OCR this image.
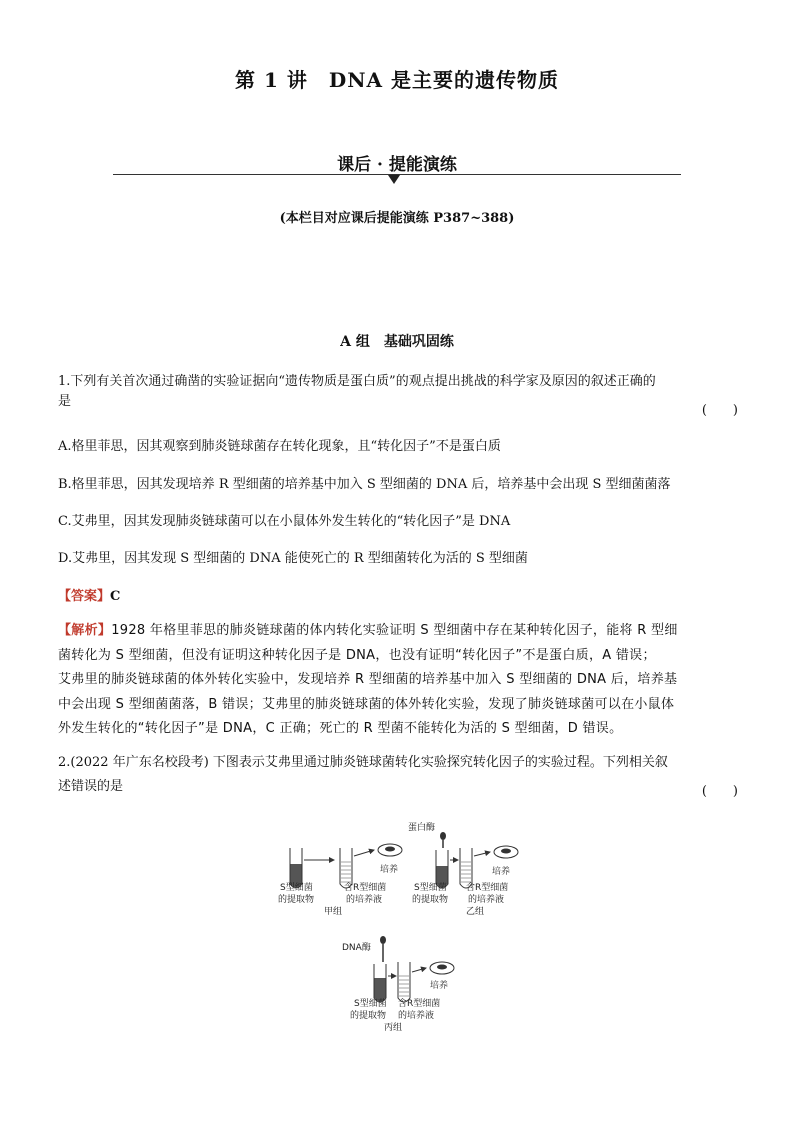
第 1 讲　DNA 是主要的遗传物质
课后 · 提能演练
(本栏目对应课后提能演练 P387~388)
A 组　基础巩固练
1.下列有关首次通过确凿的实验证据向“遗传物质是蛋白质”的观点提出挑战的科学家及原因的叙述正确的
是
(　　)
A.格里菲思，因其观察到肺炎链球菌存在转化现象，且“转化因子”不是蛋白质
B.格里菲思，因其发现培养 R 型细菌的培养基中加入 S 型细菌的 DNA 后，培养基中会出现 S 型细菌菌落
C.艾弗里，因其发现肺炎链球菌可以在小鼠体外发生转化的“转化因子”是 DNA
D.艾弗里，因其发现 S 型细菌的 DNA 能使死亡的 R 型细菌转化为活的 S 型细菌
【答案】C
【解析】1928 年格里菲思的肺炎链球菌的体内转化实验证明 S 型细菌中存在某种转化因子，能将 R 型细
菌转化为 S 型细菌，但没有证明这种转化因子是 DNA，也没有证明“转化因子”不是蛋白质，A 错误；
艾弗里的肺炎链球菌的体外转化实验中，发现培养 R 型细菌的培养基中加入 S 型细菌的 DNA 后，培养基
中会出现 S 型细菌菌落，B 错误；艾弗里的肺炎链球菌的体外转化实验，发现了肺炎链球菌可以在小鼠体
外发生转化的“转化因子”是 DNA，C 正确；死亡的 R 型菌不能转化为活的 S 型细菌，D 错误。
2.(2022 年广东名校段考) 下图表示艾弗里通过肺炎链球菌转化实验探究转化因子的实验过程。下列相关叙
述错误的是	(　　)
培养
S型细菌
的提取物
含R型细菌
的培养液
甲组
蛋白酶
培养
S型细菌
的提取物
含R型细菌
的培养液
乙组
DNA酶
培养
S型细菌
的提取物
含R型细菌
的培养液
丙组
